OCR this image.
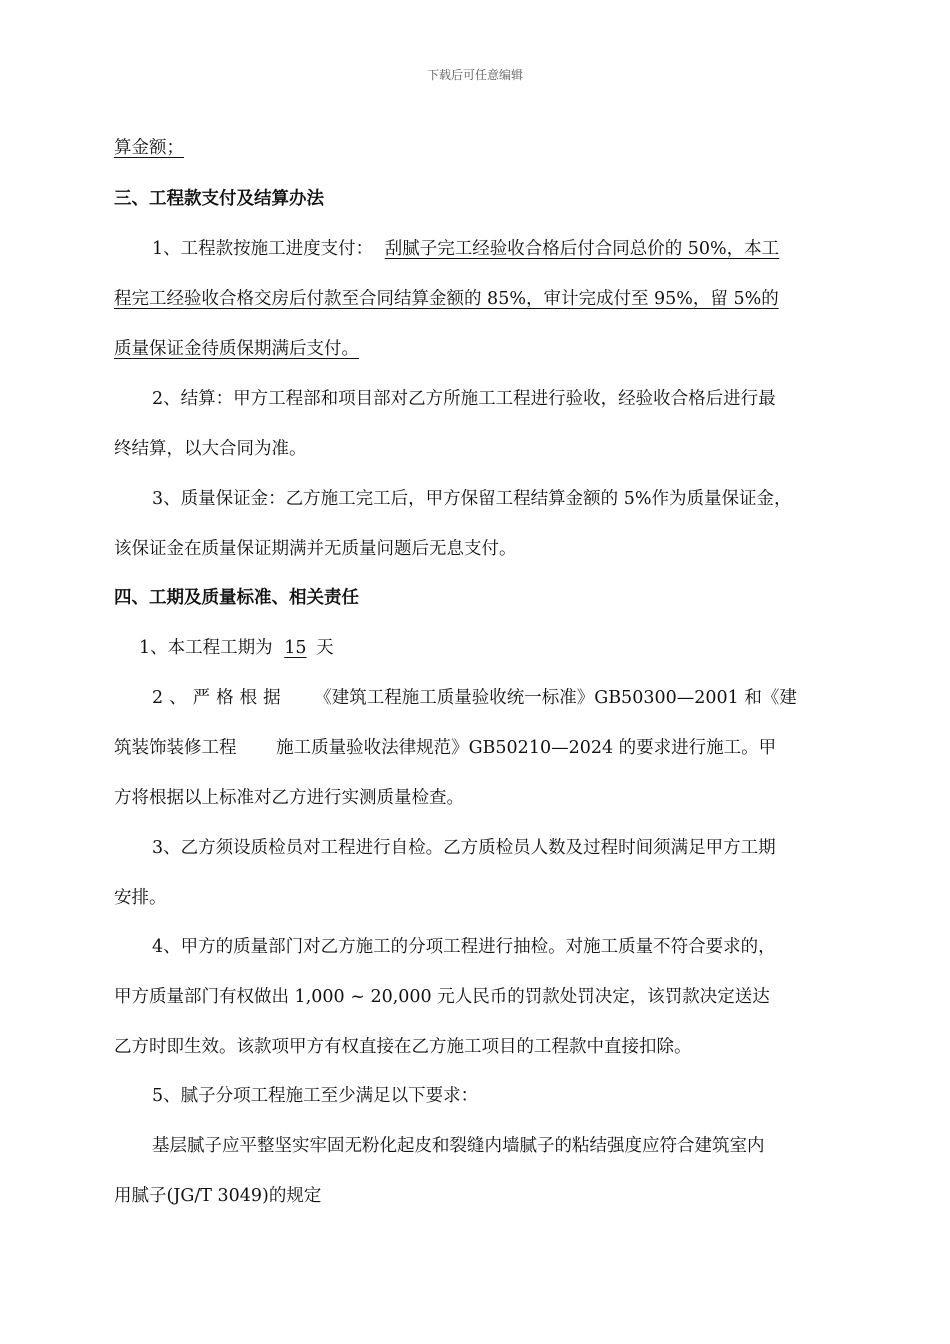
下载后可任意编辑
算金额；
三、工程款支付及结算办法
1、工程款按施工进度支付： 刮腻子完工经验收合格后付合同总价的 50%，本工
程完工经验收合格交房后付款至合同结算金额的 85%，审计完成付至 95%，留 5%的
质量保证金待质保期满后支付。
2、结算：甲方工程部和项目部对乙方所施工工程进行验收，经验收合格后进行最
终结算，以大合同为准。
3、质量保证金：乙方施工完工后，甲方保留工程结算金额的 5%作为质量保证金，
该保证金在质量保证期满并无质量问题后无息支付。
四、工期及质量标准、相关责任
1、本工程工期为 15 天
2、严格根据 《建筑工程施工质量验收统一标准》GB50300—2001 和《建
筑装饰装修工程 施工质量验收法律规范》GB50210—2024 的要求进行施工。甲
方将根据以上标准对乙方进行实测质量检查。
3、乙方须设质检员对工程进行自检。乙方质检员人数及过程时间须满足甲方工期
安排。
4、甲方的质量部门对乙方施工的分项工程进行抽检。对施工质量不符合要求的，
甲方质量部门有权做出 1,000 ~ 20,000 元人民币的罚款处罚决定，该罚款决定送达
乙方时即生效。该款项甲方有权直接在乙方施工项目的工程款中直接扣除。
5、腻子分项工程施工至少满足以下要求：
基层腻子应平整坚实牢固无粉化起皮和裂缝内墙腻子的粘结强度应符合建筑室内
用腻子(JG/T 3049)的规定
